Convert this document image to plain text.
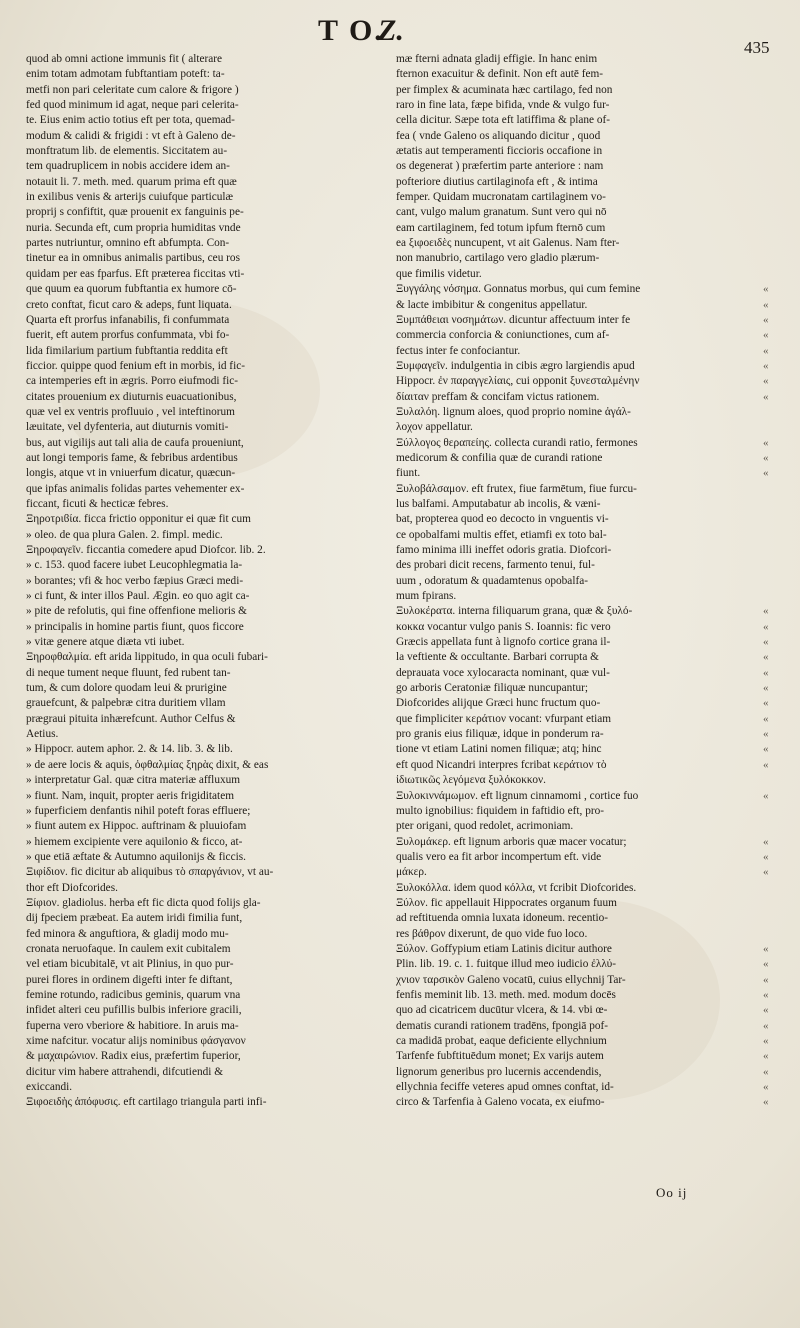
T O.
Z.
435
quod ab omni actione immunis fit ( alterare
enim totam admotam fubftantiam poteft: ta-
metfi non pari celeritate cum calore & frigore )
fed quod minimum id agat, neque pari celerita-
te. Eius enim actio totius eft per tota, quemad-
modum & calidi & frigidi : vt eft à Galeno de-
monftratum lib. de elementis. Siccitatem au-
tem quadruplicem in nobis accidere idem an-
notauit li. 7. meth. med. quarum prima eft quæ
in exilibus venis & arterijs cuiufque particulæ
proprij s confiftit, quæ prouenit ex fanguinis pe-
nuria. Secunda eft, cum propria humiditas vnde
partes nutriuntur, omnino eft abfumpta. Con-
tinetur ea in omnibus animalis partibus, ceu ros
quidam per eas fparfus. Eft præterea ficcitas vti-
que quum ea quorum fubftantia ex humore cō-
creto conftat, ficut caro & adeps, funt liquata.
Quarta eft prorfus infanabilis, fi confummata
fuerit, eft autem prorfus confummata, vbi fo-
lida fimilarium partium fubftantia reddita eft
ficcior. quippe quod fenium eft in morbis, id fic-
ca intemperies eft in ægris. Porro eiufmodi fic-
citates prouenium ex diuturnis euacuationibus,
quæ vel ex ventris profluuio , vel inteftinorum
læuitate, vel dyfenteria, aut diuturnis vomiti-
bus, aut vigilijs aut tali alia de caufa proueniunt,
aut longi temporis fame, & febribus ardentibus
longis, atque vt in vniuerfum dicatur, quæcun-
que ipfas animalis folidas partes vehementer ex-
ficcant, ficuti & hecticæ febres.
Ξηροτριϐία. ficca frictio opponitur ei quæ fit cum
» oleo. de qua plura Galen. 2. fimpl. medic.
Ξηροφαγεῖν. ficcantia comedere apud Diofcor. lib. 2.
» c. 153. quod facere iubet Leucophlegmatia la-
» borantes; vfi & hoc verbo fæpius Græci medi-
» ci funt, & inter illos Paul. Ægin. eo quo agit ca-
» pite de refolutis, qui fine offenfione melioris &
» principalis in homine partis fiunt, quos ficcore
» vitæ genere atque diæta vti iubet.
Ξηροφθαλμία. eft arida lippitudo, in qua oculi fubari-
di neque tument neque fluunt, fed rubent tan-
tum, & cum dolore quodam leui & prurigine
grauefcunt, & palpebræ citra duritiem vllam
prægraui pituita inhærefcunt. Author Celfus &
Aetius.
» Hippocr. autem aphor. 2. & 14. lib. 3. & lib.
» de aere locis & aquis, ὀφθαλμίας ξηρὰς dixit, & eas
» interpretatur Gal. quæ citra materiæ affluxum
» fiunt. Nam, inquit, propter aeris frigiditatem
» fuperficiem denfantis nihil poteft foras effluere;
» fiunt autem ex Hippoc. auftrinam & pluuiofam
» hiemem excipiente vere aquilonio & ficco, at-
» que etiā æftate & Autumno aquilonijs & ficcis.
Ξιφίδιον. fic dicitur ab aliquibus τὸ σπαργάνιον, vt au-
thor eft Diofcorides.
Ξίφιον. gladiolus. herba eft fic dicta quod folijs gla-
dij fpeciem præbeat. Ea autem iridi fimilia funt,
fed minora & anguftiora, & gladij modo mu-
cronata neruofaque. In caulem exit cubitalem
vel etiam bicubitalē, vt ait Plinius, in quo pur-
purei flores in ordinem digefti inter fe diftant,
femine rotundo, radicibus geminis, quarum vna
infidet alteri ceu pufillis bulbis inferiore gracili,
fuperna vero vberiore & habitiore. In aruis ma-
xime nafcitur. vocatur alijs nominibus φάσγανον
& μαχαιρώνιον. Radix eius, præfertim fuperior,
dicitur vim habere attrahendi, difcutiendi &
exiccandi.
Ξιφοειδὴς ἀπόφυσις. eft cartilago triangula parti infi-
mæ fterni adnata gladij effigie. In hanc enim
fternon exacuitur & definit. Non eft autē fem-
per fimplex & acuminata hæc cartilago, fed non
raro in fine lata, fæpe bifida, vnde & vulgo fur-
cella dicitur. Sæpe tota eft latiffima & plane of-
fea ( vnde Galeno os aliquando dicitur , quod
ætatis aut temperamenti ficcioris occafione in
os degenerat ) præfertim parte anteriore : nam
pofteriore diutius cartilaginofa eft , & intima
femper. Quidam mucronatam cartilaginem vo-
cant, vulgo malum granatum. Sunt vero qui nō
eam cartilaginem, fed totum ipfum fternō cum
ea ξιφοειδὲς nuncupent, vt ait Galenus. Nam fter-
non manubrio, cartilago vero gladio plærum-
que fimilis videtur.
Ξυγγάλης νόσημα. Gonnatus morbus, qui cum femine
& lacte imbibitur & congenitus appellatur.
Ξυμπάθειαι νοσημάτων. dicuntur affectuum inter fe
commercia conforcia & coniunctiones, cum af-
fectus inter fe confociantur.
Ξυμφαγεῖν. indulgentia in cibis ægro largiendis apud
Hippocr. ἐν παραγγελίαις, cui opponit ξυνεσταλμένην
δίαιταν preffam & concifam victus rationem.
Ξυλαλόη. lignum aloes, quod proprio nomine ἀγάλ-
λοχον appellatur.
Ξύλλογος θεραπείης. collecta curandi ratio, fermones
medicorum & confilia quæ de curandi ratione
fiunt.
Ξυλοβάλσαμον. eft frutex, fiue farmētum, fiue furcu-
lus balfami. Amputabatur ab incolis, & væni-
bat, propterea quod eo decocto in vnguentis vi-
ce opobalfami multis effet, etiamfi ex toto bal-
famo minima illi ineffet odoris gratia. Diofcori-
des probari dicit recens, farmento tenui, ful-
uum , odoratum & quadamtenus opobalfa-
mum fpirans.
Ξυλοκέρατα. interna filiquarum grana, quæ & ξυλό-
κοκκα vocantur vulgo panis S. Ioannis: fic vero
Græcis appellata funt à lignofo cortice grana il-
la veftiente & occultante. Barbari corrupta &
deprauata voce xylocaracta nominant, quæ vul-
go arboris Ceratoniæ filiquæ nuncupantur;
Diofcorides alijque Græci hunc fructum quo-
que fimpliciter κεράτιον vocant: vfurpant etiam
pro granis eius filiquæ, idque in ponderum ra-
tione vt etiam Latini nomen filiquæ; atq; hinc
eft quod Nicandri interpres fcribat κεράτιον τὸ
ἰδιωτικῶς λεγόμενα ξυλόκοκκον.
Ξυλοκιννάμωμον. eft lignum cinnamomi , cortice fuo
multo ignobilius: fiquidem in faftidio eft, pro-
pter origani, quod redolet, acrimoniam.
Ξυλομάκερ. eft lignum arboris quæ macer vocatur;
qualis vero ea fit arbor incompertum eft. vide
μάκερ.
Ξυλοκόλλα. idem quod κόλλα, vt fcribit Diofcorides.
Ξύλον. fic appellauit Hippocrates organum fuum
ad reftituenda omnia luxata idoneum. recentio-
res βάθρον dixerunt, de quo vide fuo loco.
Ξύλον. Goffypium etiam Latinis dicitur authore
Plin. lib. 19. c. 1. fuitque illud meo iudicio ἐλλύ-
χνιον ταρσικὸν Galeno vocatū, cuius ellychnij Tar-
fenfis meminit lib. 13. meth. med. modum docēs
quo ad cicatricem ducūtur vlcera, & 14. vbi œ-
dematis curandi rationem tradēns, fpongiā pof-
ca madidā probat, eaque deficiente ellychnium
Tarfenfe fubftituēdum monet; Ex varijs autem
lignorum generibus pro lucernis accendendis,
ellychnia feciffe veteres apud omnes conftat, id-
circo & Tarfenfia à Galeno vocata, ex eiufmo-
«
«
«
«
«
«
«
«
«
«
«
«
«
«
«
«
«
«
«
«
«
«
«
«
«
«
«
«
«
«
«
«
«
«
«
«
«
Oo ij
